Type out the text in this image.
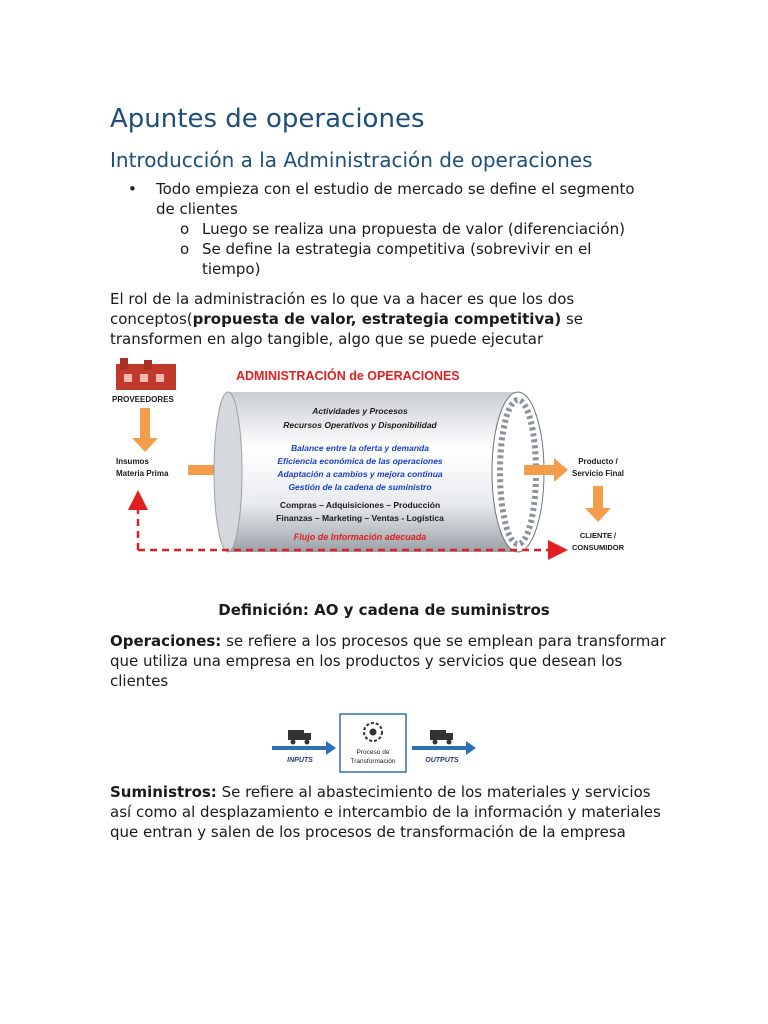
Apuntes de operaciones
Introducción a la Administración de operaciones
• Todo empieza con el estudio de mercado se define el segmento de clientes
o Luego se realiza una propuesta de valor (diferenciación)
o Se define la estrategia competitiva (sobrevivir en el tiempo)
El rol de la administración es lo que va a hacer es que los dos conceptos(propuesta de valor, estrategia competitiva) se transformen en algo tangible, algo que se puede ejecutar
Definición: AO y cadena de suministros
Operaciones: se refiere a los procesos que se emplean para transformar que utiliza una empresa en los productos y servicios que desean los clientes
Suministros: Se refiere al abastecimiento de los materiales y servicios así como al desplazamiento e intercambio de la información y materiales que entran y salen de los procesos de transformación de la empresa
PROVEEDORES
Insumos
Materia Prima
ADMINISTRACIÓN de OPERACIONES
Actividades y Procesos
Recursos Operativos y Disponibilidad
Balance entre la oferta y demanda
Eficiencia económica de las operaciones
Adaptación a cambios y mejora continua
Gestión de la cadena de suministro
Compras – Adquisiciones – Producción
Finanzas – Marketing – Ventas - Logística
Flujo de Información adecuada
Producto /
Servicio Final
CLIENTE /
CONSUMIDOR
INPUTS
Proceso de
Transformación	OUTPUTS
